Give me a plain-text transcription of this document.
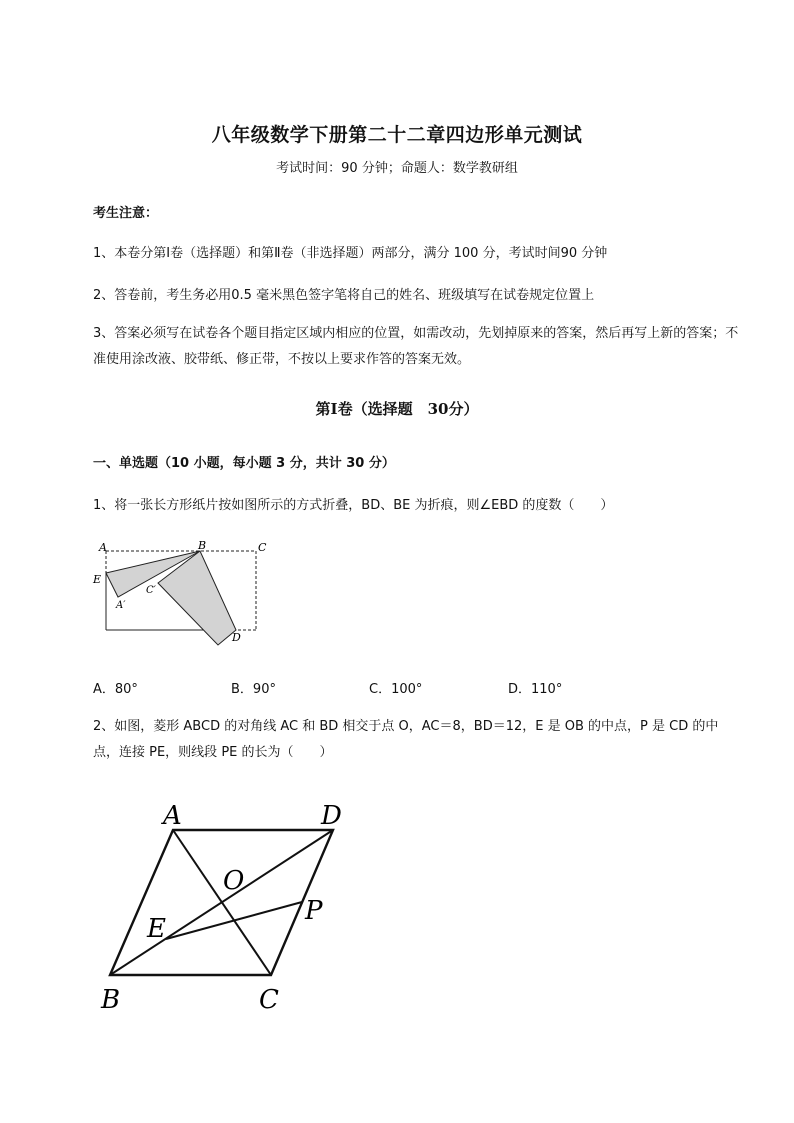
八年级数学下册第二十二章四边形单元测试
考试时间：90 分钟；命题人：数学教研组
考生注意：
1、本卷分第Ⅰ卷（选择题）和第Ⅱ卷（非选择题）两部分，满分 100 分，考试时间90 分钟
2、答卷前，考生务必用0.5 毫米黑色签字笔将自己的姓名、班级填写在试卷规定位置上
3、答案必须写在试卷各个题目指定区域内相应的位置，如需改动，先划掉原来的答案，然后再写上新的答案；不准使用涂改液、胶带纸、修正带，不按以上要求作答的答案无效。
第Ⅰ卷（选择题　30分）
一、单选题（10 小题，每小题 3 分，共计 30 分）
1、将一张长方形纸片按如图所示的方式折叠，BD、BE 为折痕，则∠EBD 的度数（　　）
A	B	C
E
A′
C′
D
A．80°	B．90°	C．100°	D．110°
2、如图，菱形 ABCD 的对角线 AC 和 BD 相交于点 O，AC＝8，BD＝12，E 是 OB 的中点，P 是 CD 的中点，连接 PE，则线段 PE 的长为（　　）
A	D
O
E
P
B	C
